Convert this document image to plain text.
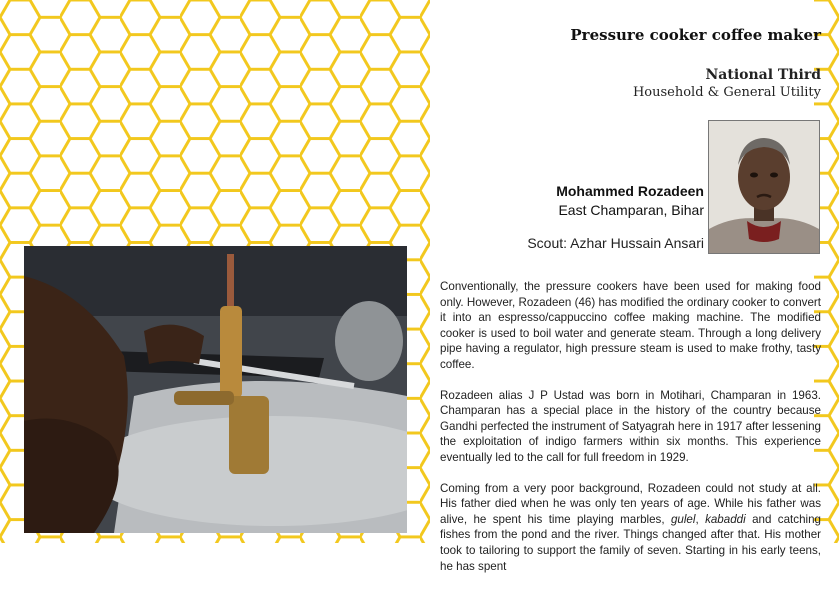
Pressure cooker coffee maker
National Third
Household & General Utility
Mohammed Rozadeen
East Champaran, Bihar
Scout: Azhar Hussain Ansari

Conventionally, the pressure cookers have been used for making food only. However, Rozadeen (46) has modified the ordinary cooker to convert it into an espresso/cappuccino coffee making machine. The modified cooker is used to boil water and generate steam. Through a long delivery pipe having a regulator, high pressure steam is used to make frothy, tasty coffee.

Rozadeen alias J P Ustad was born in Motihari, Champaran in 1963. Champaran has a special place in the history of the country because Gandhi perfected the instrument of Satyagrah here in 1917 after lessening the exploitation of indigo farmers within six months. This experience eventually led to the call for full freedom in 1929.

Coming from a very poor background, Rozadeen could not study at all. His father died when he was only ten years of age. While his father was alive, he spent his time playing marbles, gulel, kabaddi and catching fishes from the pond and the river. Things changed after that. His mother took to tailoring to support the family of seven. Starting in his early teens, he has spent
